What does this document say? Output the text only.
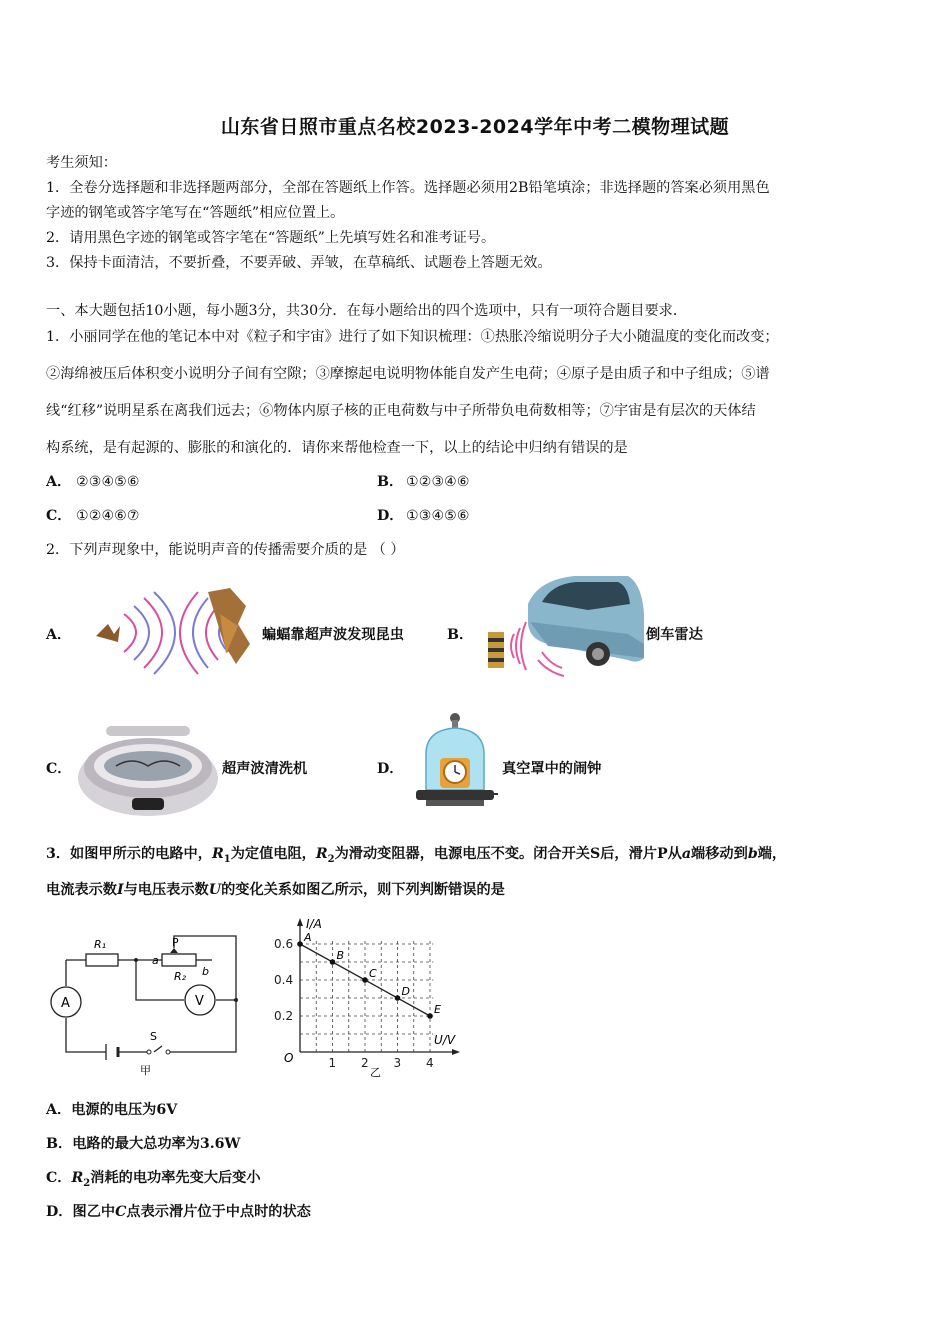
山东省日照市重点名校2023-2024学年中考二模物理试题
考生须知：
1．全卷分选择题和非选择题两部分，全部在答题纸上作答。选择题必须用2B铅笔填涂；非选择题的答案必须用黑色
字迹的钢笔或答字笔写在“答题纸”相应位置上。
2．请用黑色字迹的钢笔或答字笔在“答题纸”上先填写姓名和准考证号。
3．保持卡面清洁，不要折叠，不要弄破、弄皱，在草稿纸、试题卷上答题无效。
一、本大题包括10小题，每小题3分，共30分．在每小题给出的四个选项中，只有一项符合题目要求．
1．小丽同学在他的笔记本中对《粒子和宇宙》进行了如下知识梳理：①热胀冷缩说明分子大小随温度的变化而改变；
②海绵被压后体积变小说明分子间有空隙；③摩擦起电说明物体能自发产生电荷；④原子是由质子和中子组成；⑤谱
线“红移”说明星系在离我们远去；⑥物体内原子核的正电荷数与中子所带负电荷数相等；⑦宇宙是有层次的天体结
构系统，是有起源的、膨胀的和演化的．请你来帮他检查一下，以上的结论中归纳有错误的是
A． ②③④⑤⑥	B． ①②③④⑥
C． ①②④⑥⑦	D． ①③④⑤⑥
2．下列声现象中，能说明声音的传播需要介质的是 （ ）
A．	蝙蝠靠超声波发现昆虫	B．	倒车雷达
C．	超声波清洗机	D．	真空罩中的闹钟
3．如图甲所示的电路中，$R_1$为定值电阻，$R_2$为滑动变阻器，电源电压不变。闭合开关S后，滑片P从a端移动到b端，
电流表示数I与电压表示数U的变化关系如图乙所示，则下列判断错误的是
R₁
R₂
P
a
b
A	V
S
甲
A
B
C
D
E
0.6
0.4
0.2
1 2 3 4
I/A
U/V
O
乙
A．电源的电压为6V
B．电路的最大总功率为3.6W
C．$R_2$消耗的电功率先变大后变小
D．图乙中C点表示滑片位于中点时的状态
